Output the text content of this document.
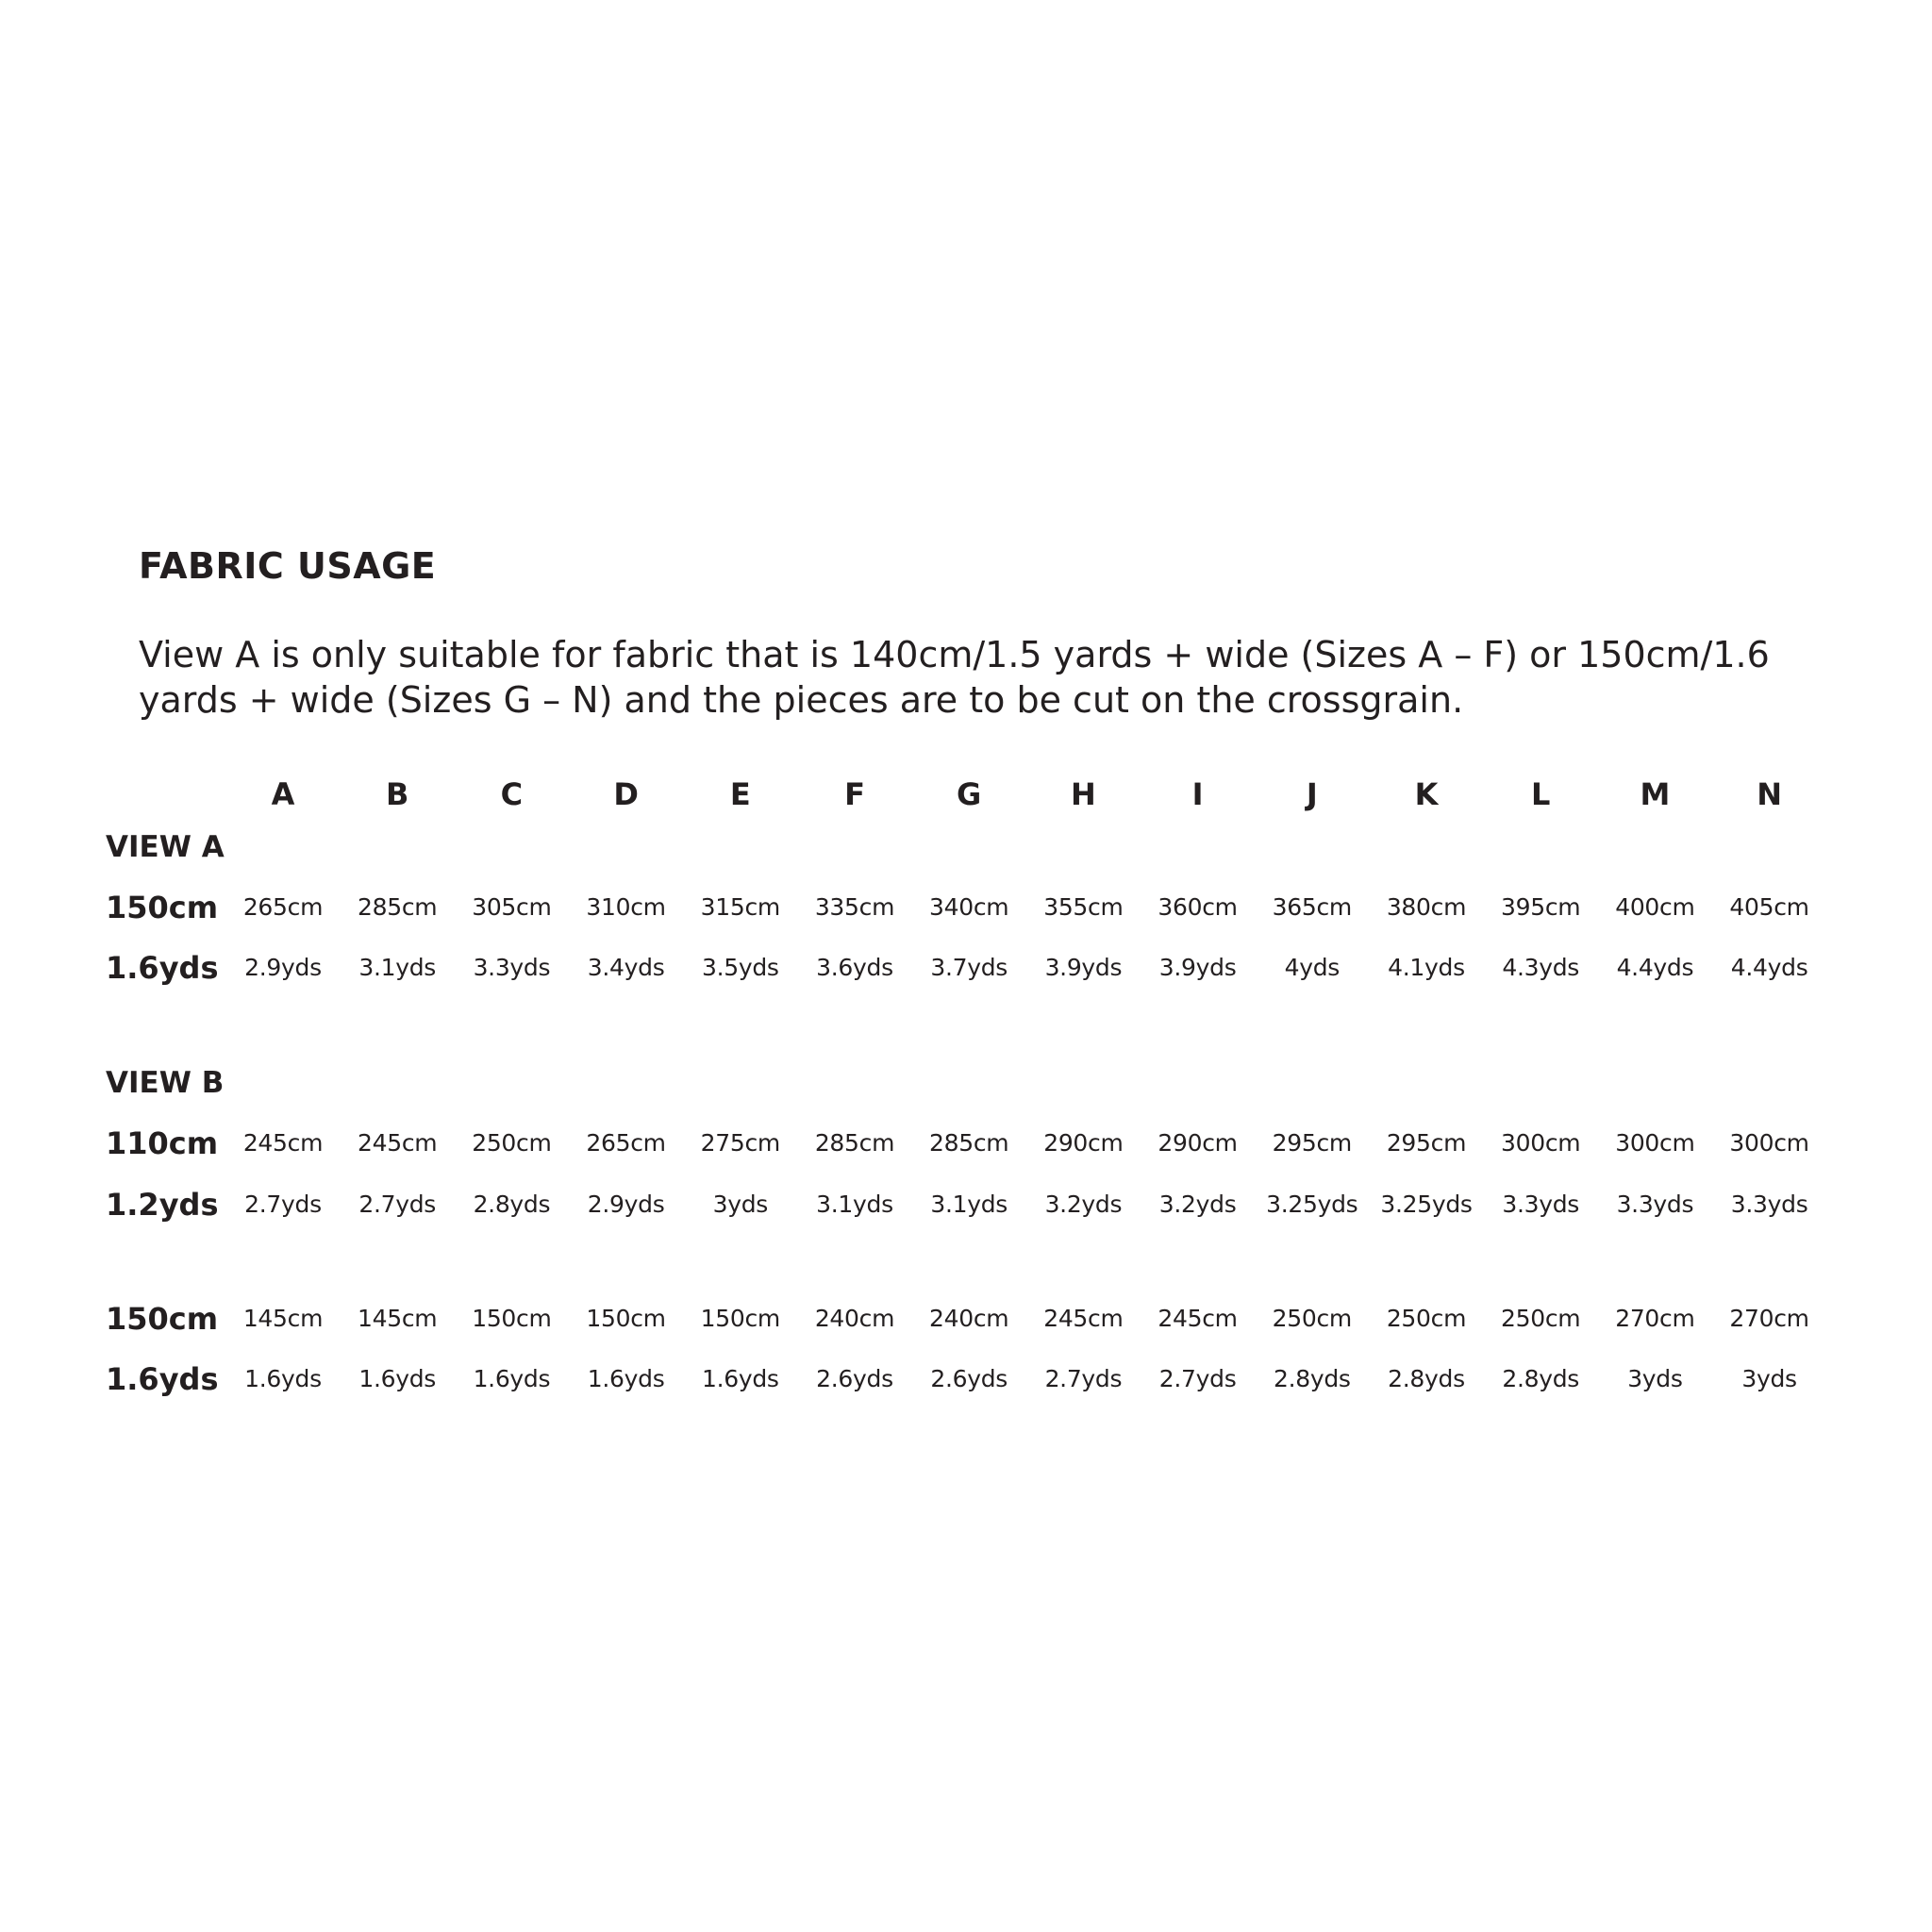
FABRIC USAGE
View A is only suitable for fabric that is 140cm/1.5 yards + wide (Sizes A – F) or 150cm/1.6 yards + wide (Sizes G – N) and the pieces are to be cut on the crossgrain.
A	B	C	D	E	F	G	H	I	J	K	L	M	N
VIEW A
150cm	265cm	285cm	305cm	310cm	315cm	335cm	340cm	355cm	360cm	365cm	380cm	395cm	400cm	405cm
1.6yds	2.9yds	3.1yds	3.3yds	3.4yds	3.5yds	3.6yds	3.7yds	3.9yds	3.9yds	4yds	4.1yds	4.3yds	4.4yds	4.4yds
VIEW B
110cm	245cm	245cm	250cm	265cm	275cm	285cm	285cm	290cm	290cm	295cm	295cm	300cm	300cm	300cm
1.2yds	2.7yds	2.7yds	2.8yds	2.9yds	3yds	3.1yds	3.1yds	3.2yds	3.2yds	3.25yds 3.25yds	3.3yds	3.3yds	3.3yds
150cm	145cm	145cm	150cm	150cm	150cm	240cm	240cm	245cm	245cm	250cm	250cm	250cm	270cm	270cm
1.6yds	1.6yds	1.6yds	1.6yds	1.6yds	1.6yds	2.6yds	2.6yds	2.7yds	2.7yds	2.8yds	2.8yds	2.8yds	3yds	3yds
